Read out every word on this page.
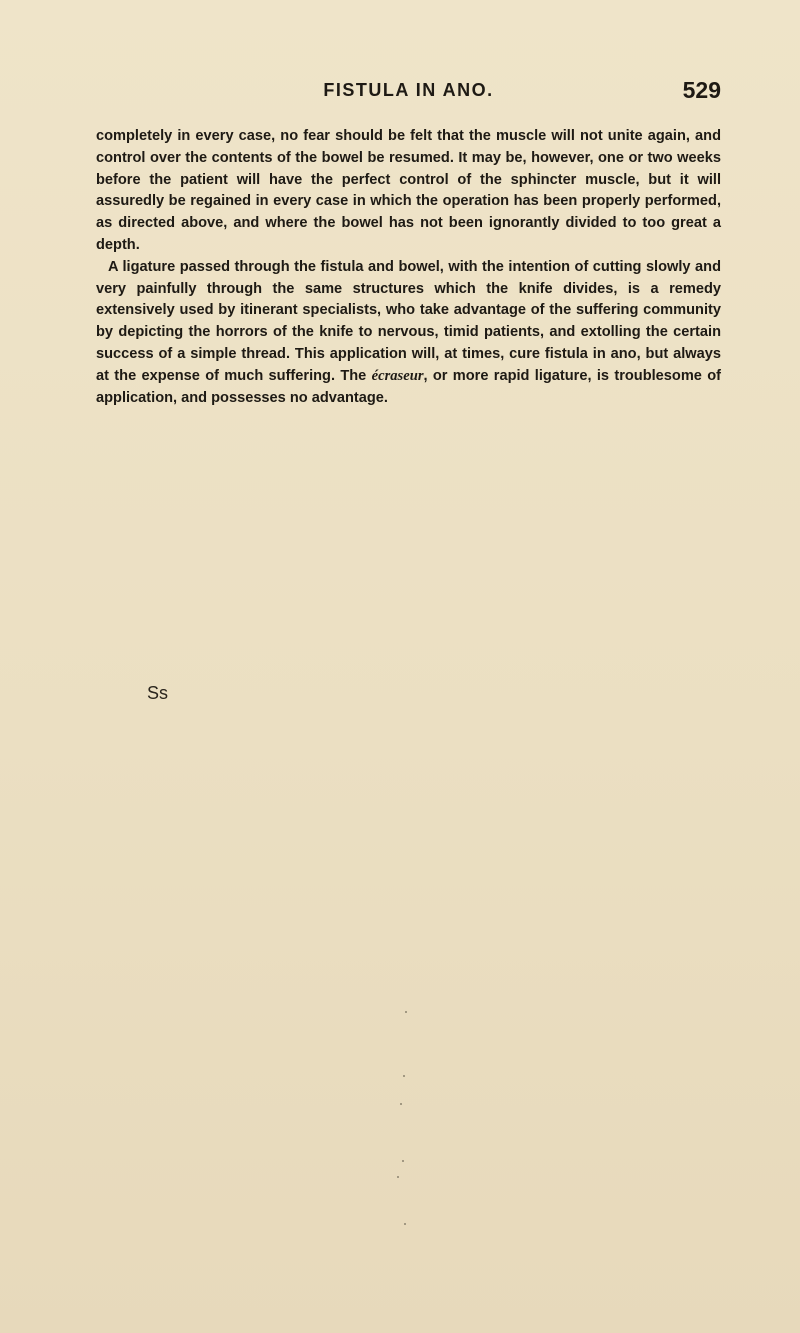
FISTULA IN ANO.	529

completely in every case, no fear should be felt that the muscle will not unite again, and control over the contents of the bowel be resumed. It may be, however, one or two weeks before the patient will have the perfect control of the sphincter muscle, but it will assuredly be regained in every case in which the operation has been properly performed, as directed above, and where the bowel has not been ignorantly divided to too great a depth.

A ligature passed through the fistula and bowel, with the intention of cutting slowly and very painfully through the same structures which the knife divides, is a remedy extensively used by itinerant specialists, who take advantage of the suffering community by depicting the horrors of the knife to nervous, timid patients, and extolling the certain success of a simple thread. This application will, at times, cure fistula in ano, but always at the expense of much suffering. The écraseur, or more rapid ligature, is troublesome of application, and possesses no advantage.

Ss
